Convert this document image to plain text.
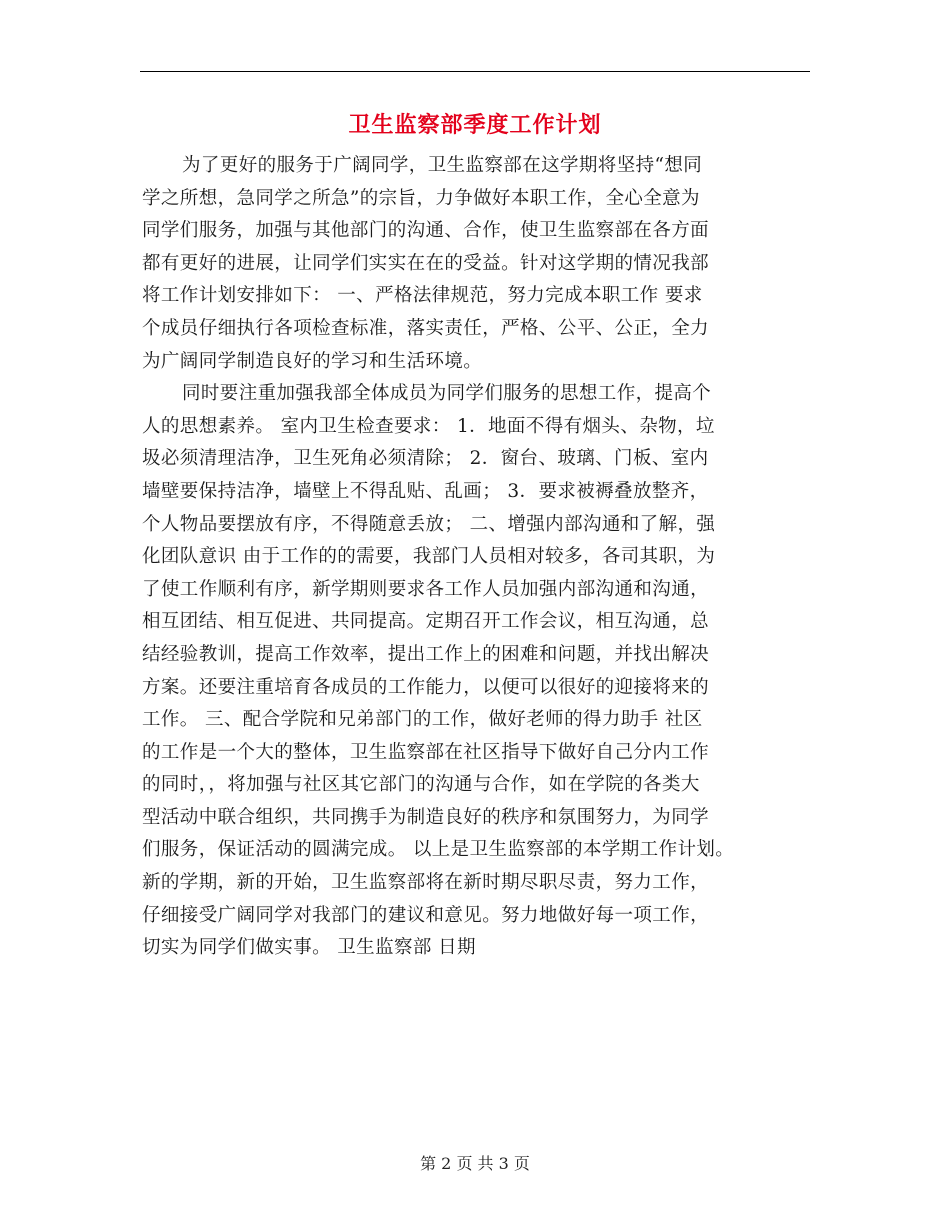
卫生监察部季度工作计划
为了更好的服务于广阔同学，卫生监察部在这学期将坚持“想同
学之所想，急同学之所急”的宗旨，力争做好本职工作，全心全意为
同学们服务，加强与其他部门的沟通、合作，使卫生监察部在各方面
都有更好的进展，让同学们实实在在的受益。针对这学期的情况我部
将工作计划安排如下： 一、严格法律规范，努力完成本职工作 要求
个成员仔细执行各项检查标准，落实责任，严格、公平、公正，全力
为广阔同学制造良好的学习和生活环境。
同时要注重加强我部全体成员为同学们服务的思想工作，提高个
人的思想素养。 室内卫生检查要求： 1．地面不得有烟头、杂物，垃
圾必须清理洁净，卫生死角必须清除； 2．窗台、玻璃、门板、室内
墙壁要保持洁净，墙壁上不得乱贴、乱画； 3．要求被褥叠放整齐，
个人物品要摆放有序，不得随意丢放； 二、增强内部沟通和了解，强
化团队意识 由于工作的的需要，我部门人员相对较多，各司其职，为
了使工作顺利有序，新学期则要求各工作人员加强内部沟通和沟通，
相互团结、相互促进、共同提高。定期召开工作会议，相互沟通，总
结经验教训，提高工作效率，提出工作上的困难和问题，并找出解决
方案。还要注重培育各成员的工作能力，以便可以很好的迎接将来的
工作。 三、配合学院和兄弟部门的工作，做好老师的得力助手 社区
的工作是一个大的整体，卫生监察部在社区指导下做好自己分内工作
的同时，，将加强与社区其它部门的沟通与合作，如在学院的各类大
型活动中联合组织，共同携手为制造良好的秩序和氛围努力，为同学
们服务，保证活动的圆满完成。 以上是卫生监察部的本学期工作计划。
新的学期，新的开始，卫生监察部将在新时期尽职尽责，努力工作，
仔细接受广阔同学对我部门的建议和意见。努力地做好每一项工作，
切实为同学们做实事。 卫生监察部 日期
第 2 页 共 3 页
